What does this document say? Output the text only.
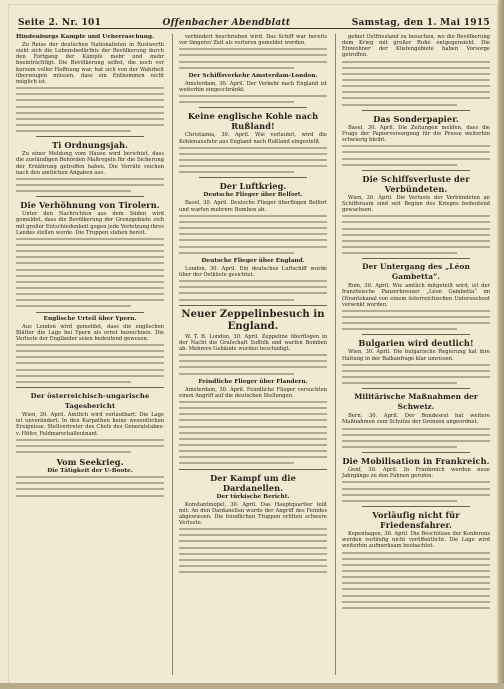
Seite 2. Nr. 101	Offenbacher Abendblatt	Samstag, den 1. Mai 1915
Hindenburgs Kampfe und Ueberraschung.

Zu Reise der deutschen Nationalisten in Ruslwerth sieht sich die Lebensbedürfnis der Bevölkerung durch den Fortgang der Kämpfe mehr und mehr beeinträchtigt. Die Bevölkerung selbst, die noch vor kurzem voller Hoffnung war, hat sich von der Wahrheit überzeugen müssen, dass ein Entkommen nicht möglich ist.

Ti Ordnungsjah.

Zu einer Meldung vom Hause wird berichtet, dass die zuständigen Behörden Maßregeln für die Sicherung der Ernährung getroffen haben. Die Vorräte reichen nach den amtlichen Angaben aus.

Die Verhöhnung von Tirolern.

Unter den Nachrichten aus dem Süden wird gemeldet, dass die Bevölkerung der Grenzgebiete sich mit großer Entschiedenheit gegen jede Verletzung ihres Landes stellen werde. Die Truppen stehen bereit.

Englische Urteil über Ypern.

Aus London wird gemeldet, dass die englischen Blätter die Lage bei Ypern als ernst bezeichnen. Die Verluste der Engländer seien bedeutend gewesen.

Der österreichisch-ungarische Tagesbericht

Wien, 30. April. Amtlich wird verlautbart: Die Lage ist unverändert. In den Karpathen keine wesentlichen Ereignisse. Stellvertreter des Chefs des Generalstabes: v. Höfer, Feldmarschalleutnant.

Vom Seekrieg.
Die Tätigkeit der U-Boote.

verhindert beschrieben wird. Das Schiff war bereits vor längerer Zeit als verloren gemeldet worden.

Der Schiffsverkehr Amsterdam-London.

Amsterdam, 30. April. Der Verkehr nach England ist weiterhin eingeschränkt.

Keine englische Kohle nach Rußland!

Christiania, 30. April. Wie verlautet, wird die Kohlenausfuhr aus England nach Rußland eingestellt.

Der Luftkrieg.
Deutsche Flieger über Belfort.

Basel, 30. April. Deutsche Flieger überflogen Belfort und warfen mehrere Bomben ab.

Deutsche Flieger über England.

London, 30. April. Ein deutsches Luftschiff wurde über der Ostküste gesichtet.

Neuer Zeppelinbesuch in England.

W. T. B. London, 30. April. Zeppeline überflogen in der Nacht die Grafschaft Suffolk und warfen Bomben ab. Mehrere Gebäude wurden beschädigt.

Feindliche Flieger über Flandern.

Amsterdam, 30. April. Feindliche Flieger versuchten einen Angriff auf die deutschen Stellungen.

Der Kampf um die Dardanellen.
Der türkische Bericht.

Konstantinopel, 30. April. Das Hauptquartier teilt mit: An den Dardanellen wurde der Angriff des Feindes abgewiesen. Die feindlichen Truppen erlitten schwere Verluste.

gebiet Ostfriesland zu besuchen, wo die Bevölkerung dem Krieg mit großer Ruhe entgegensieht. Die Einwohner der Küstengebiete haben Vorsorge getroffen.

Das Sonderpapier.

Basel, 30. April. Die Zeitungen melden, dass die Frage der Papierversorgung für die Presse weiterhin schwierig bleibt.

Die Schiffsverluste der Verbündeten.

Wien, 30. April. Die Verluste der Verbündeten an Schiffsraum sind seit Beginn des Krieges bedeutend gewachsen.

Der Untergang des „Léon Gambetta“.

Rom, 30. April. Wie amtlich mitgeteilt wird, ist der französische Panzerkreuzer „Léon Gambetta“ im Otrantokanal von einem österreichischen Unterseeboot versenkt worden.

Bulgarien wird deutlich!

Wien, 30. April. Die bulgarische Regierung hat ihre Haltung in der Balkanfrage klar umrissen.

Militärische Maßnahmen der Schweiz.

Bern, 30. April. Der Bundesrat hat weitere Maßnahmen zum Schutze der Grenzen angeordnet.

Die Mobilisation in Frankreich.

Genf, 30. April. In Frankreich werden neue Jahrgänge zu den Fahnen gerufen.

Vorläufig nicht für Friedensfahrer.

Kopenhagen, 30. April. Die Beschlüsse der Konferenz werden vorläufig nicht veröffentlicht. Die Lage wird weiterhin aufmerksam beobachtet.
